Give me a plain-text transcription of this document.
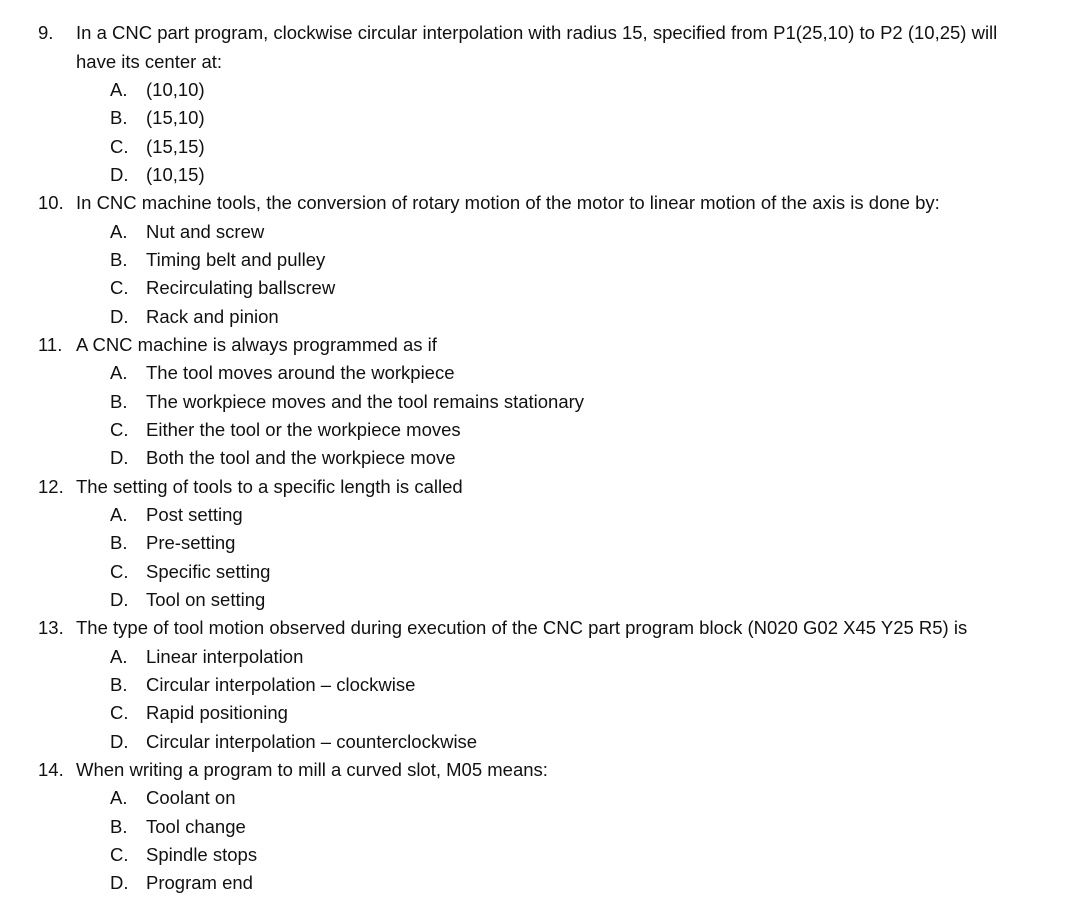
9. In a CNC part program, clockwise circular interpolation with radius 15, specified from P1(25,10) to P2 (10,25) will
have its center at:
A. (10,10)
B. (15,10)
C. (15,15)
D. (10,15)
10. In CNC machine tools, the conversion of rotary motion of the motor to linear motion of the axis is done by:
A. Nut and screw
B. Timing belt and pulley
C. Recirculating ballscrew
D. Rack and pinion
11. A CNC machine is always programmed as if
A. The tool moves around the workpiece
B. The workpiece moves and the tool remains stationary
C. Either the tool or the workpiece moves
D. Both the tool and the workpiece move
12. The setting of tools to a specific length is called
A. Post setting
B. Pre-setting
C. Specific setting
D. Tool on setting
13. The type of tool motion observed during execution of the CNC part program block (N020 G02 X45 Y25 R5) is
A. Linear interpolation
B. Circular interpolation – clockwise
C. Rapid positioning
D. Circular interpolation – counterclockwise
14. When writing a program to mill a curved slot, M05 means:
A. Coolant on
B. Tool change
C. Spindle stops
D. Program end
